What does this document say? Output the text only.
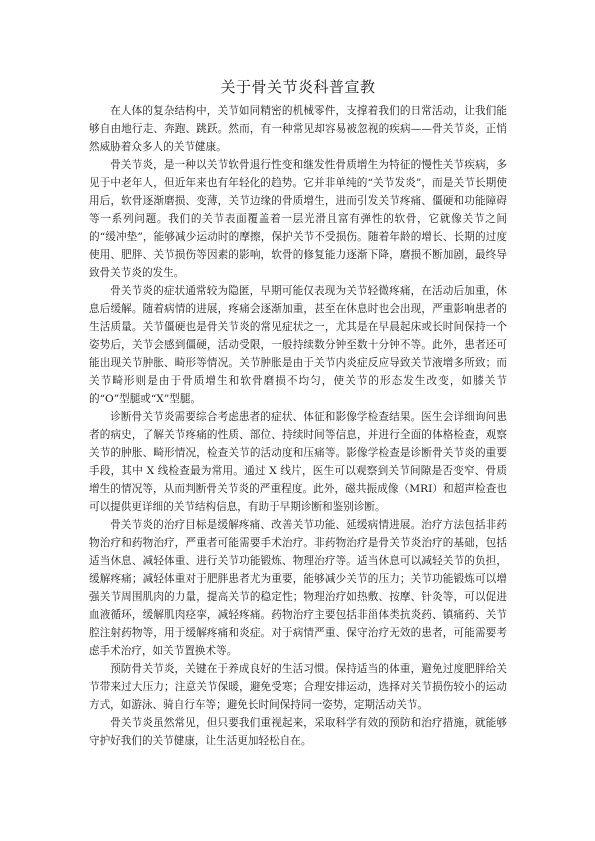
关于骨关节炎科普宣教

在人体的复杂结构中，关节如同精密的机械零件，支撑着我们的日常活动，让我们能够自由地行走、奔跑、跳跃。然而，有一种常见却容易被忽视的疾病——骨关节炎，正悄然威胁着众多人的关节健康。

骨关节炎，是一种以关节软骨退行性变和继发性骨质增生为特征的慢性关节疾病，多见于中老年人，但近年来也有年轻化的趋势。它并非单纯的“关节发炎”，而是关节长期使用后，软骨逐渐磨损、变薄，关节边缘的骨质增生，进而引发关节疼痛、僵硬和功能障碍等一系列问题。我们的关节表面覆盖着一层光滑且富有弹性的软骨，它就像关节之间的“缓冲垫”，能够减少运动时的摩擦，保护关节不受损伤。随着年龄的增长、长期的过度使用、肥胖、关节损伤等因素的影响，软骨的修复能力逐渐下降，磨损不断加剧，最终导致骨关节炎的发生。

骨关节炎的症状通常较为隐匿，早期可能仅表现为关节轻微疼痛，在活动后加重，休息后缓解。随着病情的进展，疼痛会逐渐加重，甚至在休息时也会出现，严重影响患者的生活质量。关节僵硬也是骨关节炎的常见症状之一，尤其是在早晨起床或长时间保持一个姿势后，关节会感到僵硬，活动受限，一般持续数分钟至数十分钟不等。此外，患者还可能出现关节肿胀、畸形等情况。关节肿胀是由于关节内炎症反应导致关节液增多所致；而关节畸形则是由于骨质增生和软骨磨损不均匀，使关节的形态发生改变，如膝关节的“O”型腿或“X”型腿。

诊断骨关节炎需要综合考虑患者的症状、体征和影像学检查结果。医生会详细询问患者的病史，了解关节疼痛的性质、部位、持续时间等信息，并进行全面的体格检查，观察关节的肿胀、畸形情况，检查关节的活动度和压痛等。影像学检查是诊断骨关节炎的重要手段，其中 X 线检查最为常用。通过 X 线片，医生可以观察到关节间隙是否变窄、骨质增生的情况等，从而判断骨关节炎的严重程度。此外，磁共振成像（MRI）和超声检查也可以提供更详细的关节结构信息，有助于早期诊断和鉴别诊断。

骨关节炎的治疗目标是缓解疼痛、改善关节功能、延缓病情进展。治疗方法包括非药物治疗和药物治疗，严重者可能需要手术治疗。非药物治疗是骨关节炎治疗的基础，包括适当休息、减轻体重、进行关节功能锻炼、物理治疗等。适当休息可以减轻关节的负担，缓解疼痛；减轻体重对于肥胖患者尤为重要，能够减少关节的压力；关节功能锻炼可以增强关节周围肌肉的力量，提高关节的稳定性；物理治疗如热敷、按摩、针灸等，可以促进血液循环，缓解肌肉痉挛，减轻疼痛。药物治疗主要包括非甾体类抗炎药、镇痛药、关节腔注射药物等，用于缓解疼痛和炎症。对于病情严重、保守治疗无效的患者，可能需要考虑手术治疗，如关节置换术等。

预防骨关节炎，关键在于养成良好的生活习惯。保持适当的体重，避免过度肥胖给关节带来过大压力；注意关节保暖，避免受寒；合理安排运动，选择对关节损伤较小的运动方式，如游泳、骑自行车等；避免长时间保持同一姿势，定期活动关节。

骨关节炎虽然常见，但只要我们重视起来，采取科学有效的预防和治疗措施，就能够守护好我们的关节健康，让生活更加轻松自在。
